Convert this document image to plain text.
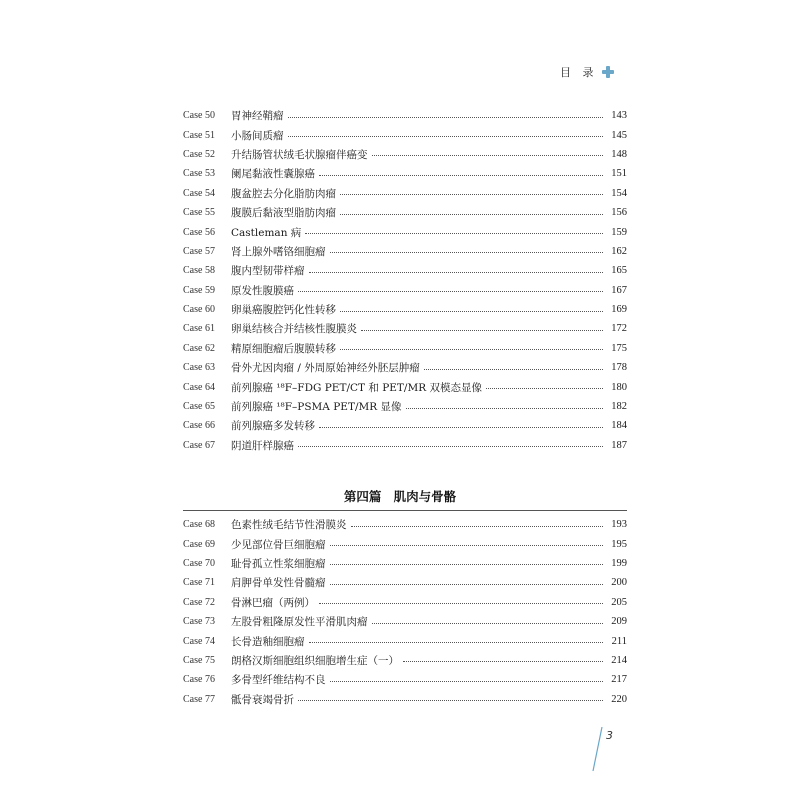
目 录
Case 50	胃神经鞘瘤	143
Case 51	小肠间质瘤	145
Case 52	升结肠管状绒毛状腺瘤伴癌变	148
Case 53	阑尾黏液性囊腺癌	151
Case 54	腹盆腔去分化脂肪肉瘤	154
Case 55	腹膜后黏液型脂肪肉瘤	156
Case 56	Castleman 病	159
Case 57	肾上腺外嗜铬细胞瘤	162
Case 58	腹内型韧带样瘤	165
Case 59	原发性腹膜癌	167
Case 60	卵巢癌腹腔钙化性转移	169
Case 61	卵巢结核合并结核性腹膜炎	172
Case 62	精原细胞瘤后腹膜转移	175
Case 63	骨外尤因肉瘤 / 外周原始神经外胚层肿瘤	178
Case 64	前列腺癌 ¹⁸F–FDG PET/CT 和 PET/MR 双模态显像	180
Case 65	前列腺癌 ¹⁸F–PSMA PET/MR 显像	182
Case 66	前列腺癌多发转移	184
Case 67	阴道肝样腺癌	187
第四篇 肌肉与骨骼
Case 68	色素性绒毛结节性滑膜炎	193
Case 69	少见部位骨巨细胞瘤	195
Case 70	耻骨孤立性浆细胞瘤	199
Case 71	肩胛骨单发性骨髓瘤	200
Case 72	骨淋巴瘤（两例）	205
Case 73	左股骨粗隆原发性平滑肌肉瘤	209
Case 74	长骨造釉细胞瘤	211
Case 75	朗格汉斯细胞组织细胞增生症（一）	214
Case 76	多骨型纤维结构不良	217
Case 77	骶骨衰竭骨折	220
3
